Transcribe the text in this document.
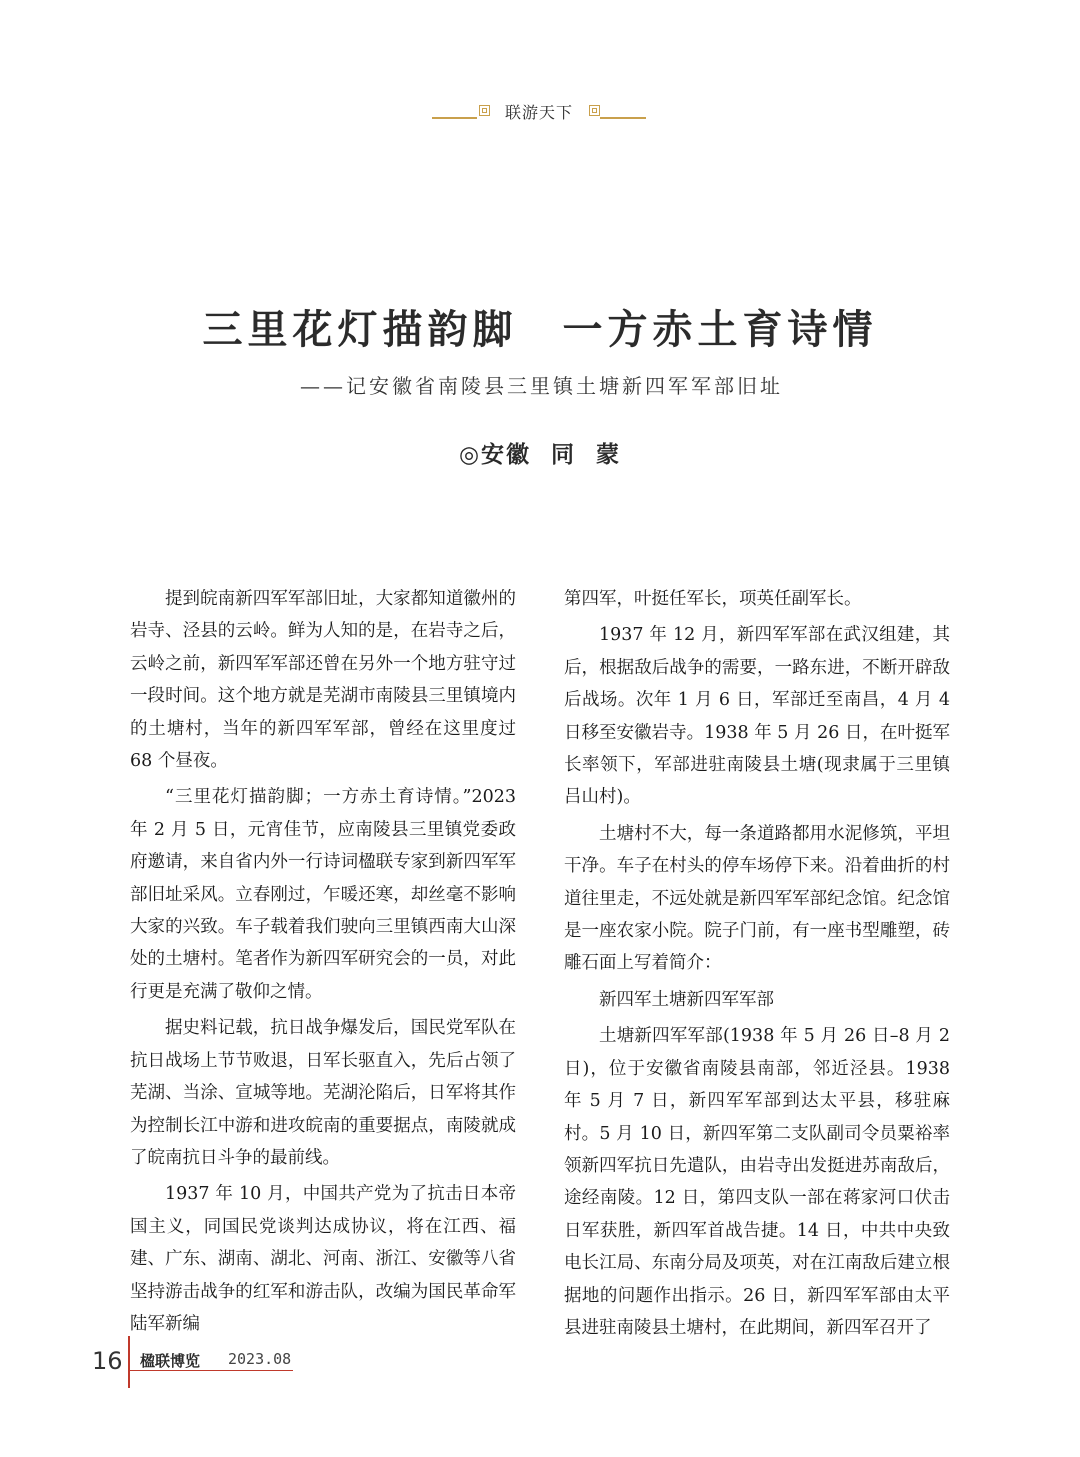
联游天下
三里花灯描韵脚　一方赤土育诗情
——记安徽省南陵县三里镇土塘新四军军部旧址
◎安徽 同 蒙

提到皖南新四军军部旧址，大家都知道徽州的岩寺、泾县的云岭。鲜为人知的是，在岩寺之后，云岭之前，新四军军部还曾在另外一个地方驻守过一段时间。这个地方就是芜湖市南陵县三里镇境内的土塘村，当年的新四军军部，曾经在这里度过 68 个昼夜。

“三里花灯描韵脚；一方赤土育诗情。”2023 年 2 月 5 日，元宵佳节，应南陵县三里镇党委政府邀请，来自省内外一行诗词楹联专家到新四军军部旧址采风。立春刚过，乍暖还寒，却丝毫不影响大家的兴致。车子载着我们驶向三里镇西南大山深处的土塘村。笔者作为新四军研究会的一员，对此行更是充满了敬仰之情。

据史料记载，抗日战争爆发后，国民党军队在抗日战场上节节败退，日军长驱直入，先后占领了芜湖、当涂、宣城等地。芜湖沦陷后，日军将其作为控制长江中游和进攻皖南的重要据点，南陵就成了皖南抗日斗争的最前线。

1937 年 10 月，中国共产党为了抗击日本帝国主义，同国民党谈判达成协议，将在江西、福建、广东、湖南、湖北、河南、浙江、安徽等八省坚持游击战争的红军和游击队，改编为国民革命军陆军新编

第四军，叶挺任军长，项英任副军长。

1937 年 12 月，新四军军部在武汉组建，其后，根据敌后战争的需要，一路东进，不断开辟敌后战场。次年 1 月 6 日，军部迁至南昌，4 月 4 日移至安徽岩寺。1938 年 5 月 26 日，在叶挺军长率领下，军部进驻南陵县土塘(现隶属于三里镇吕山村)。

土塘村不大，每一条道路都用水泥修筑，平坦干净。车子在村头的停车场停下来。沿着曲折的村道往里走，不远处就是新四军军部纪念馆。纪念馆是一座农家小院。院子门前，有一座书型雕塑，砖雕石面上写着简介：

新四军土塘新四军军部

土塘新四军军部(1938 年 5 月 26 日–8 月 2 日)，位于安徽省南陵县南部，邻近泾县。1938 年 5 月 7 日，新四军军部到达太平县，移驻麻村。5 月 10 日，新四军第二支队副司令员粟裕率领新四军抗日先遣队，由岩寺出发挺进苏南敌后，途经南陵。12 日，第四支队一部在蒋家河口伏击日军获胜，新四军首战告捷。14 日，中共中央致电长江局、东南分局及项英，对在江南敌后建立根据地的问题作出指示。26 日，新四军军部由太平县进驻南陵县土塘村，在此期间，新四军召开了

16 楹联博览 2023.08
